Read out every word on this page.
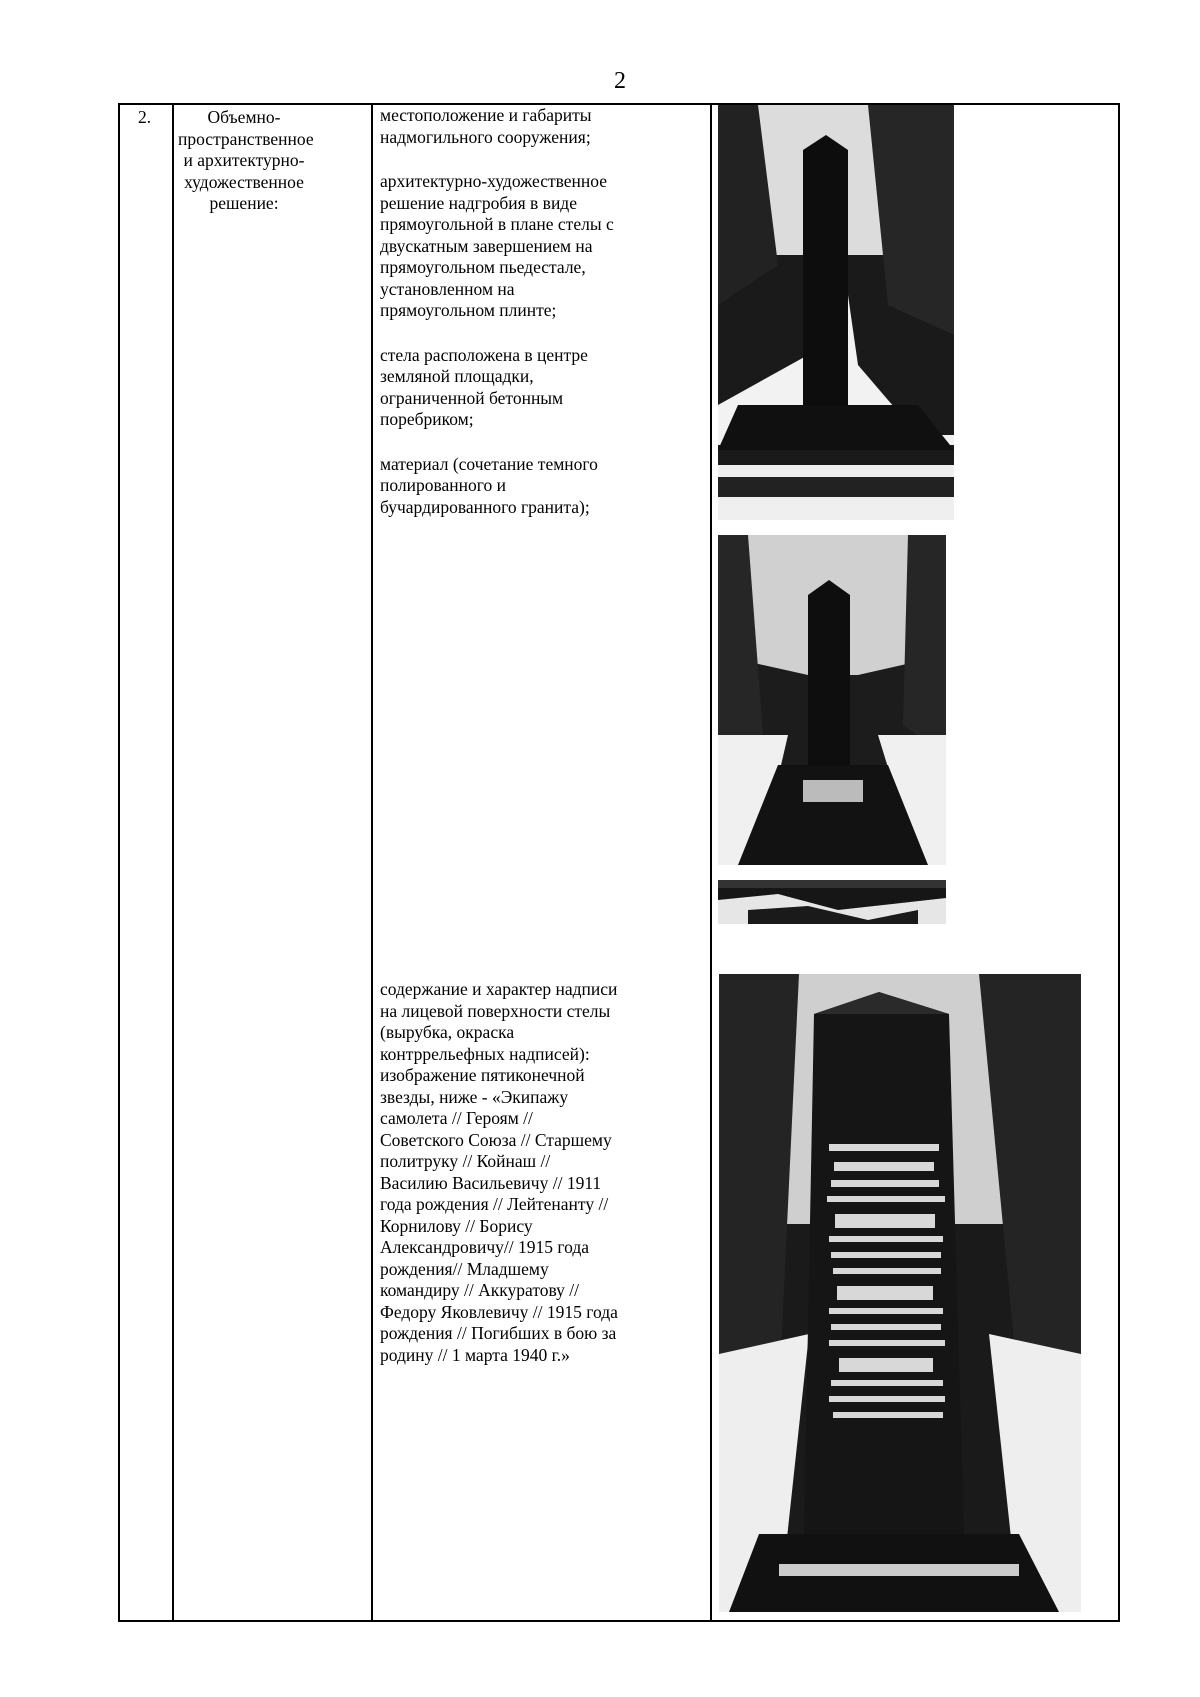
2
2.	Объемно-
пространственное
и архитектурно-
художественное
решение:

местоположение и габариты
надмогильного сооружения;

архитектурно-художественное
решение надгробия в виде
прямоугольной в плане стелы с
двускатным завершением на
прямоугольном пьедестале,
установленном на
прямоугольном плинте;

стела расположена в центре
земляной площадки,
ограниченной бетонным
поребриком;

материал (сочетание темного
полированного и
бучардированного гранита);

содержание и характер надписи
на лицевой поверхности стелы
(вырубка, окраска
контррельефных надписей):
изображение пятиконечной
звезды, ниже - «Экипажу
самолета // Героям //
Советского Союза // Старшему
политруку // Койнаш //
Василию Васильевичу // 1911
года рождения // Лейтенанту //
Корнилову // Борису
Александровичу// 1915 года
рождения// Младшему
командиру // Аккуратову //
Федору Яковлевичу // 1915 года
рождения // Погибших в бою за
родину // 1 марта 1940 г.»
